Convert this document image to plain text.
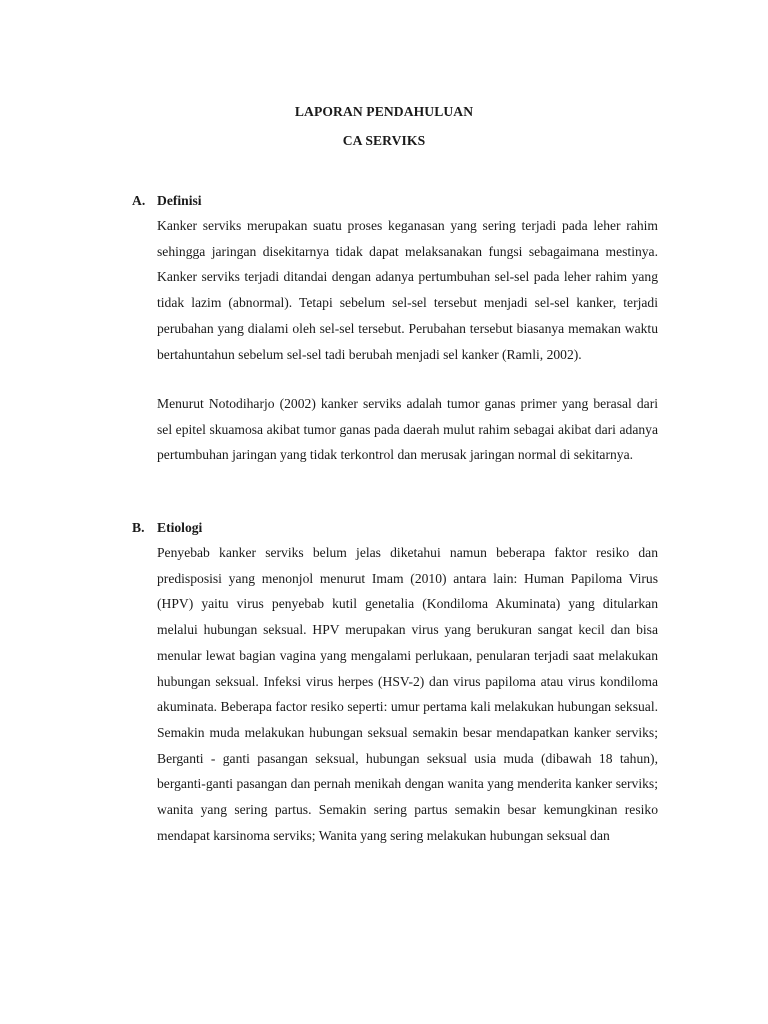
LAPORAN PENDAHULUAN
CA SERVIKS
A. Definisi

Kanker serviks merupakan suatu proses keganasan yang sering terjadi pada leher rahim sehingga jaringan disekitarnya tidak dapat melaksanakan fungsi sebagaimana mestinya. Kanker serviks terjadi ditandai dengan adanya pertumbuhan sel-sel pada leher rahim yang tidak lazim (abnormal). Tetapi sebelum sel-sel tersebut menjadi sel-sel kanker, terjadi perubahan yang dialami oleh sel-sel tersebut. Perubahan tersebut biasanya memakan waktu bertahuntahun sebelum sel-sel tadi berubah menjadi sel kanker (Ramli, 2002).

Menurut Notodiharjo (2002) kanker serviks adalah tumor ganas primer yang berasal dari sel epitel skuamosa akibat tumor ganas pada daerah mulut rahim sebagai akibat dari adanya pertumbuhan jaringan yang tidak terkontrol dan merusak jaringan normal di sekitarnya.

B. Etiologi

Penyebab kanker serviks belum jelas diketahui namun beberapa faktor resiko dan predisposisi yang menonjol menurut Imam (2010) antara lain: Human Papiloma Virus (HPV) yaitu virus penyebab kutil genetalia (Kondiloma Akuminata) yang ditularkan melalui hubungan seksual. HPV merupakan virus yang berukuran sangat kecil dan bisa menular lewat bagian vagina yang mengalami perlukaan, penularan terjadi saat melakukan hubungan seksual. Infeksi virus herpes (HSV-2) dan virus papiloma atau virus kondiloma akuminata. Beberapa factor resiko seperti: umur pertama kali melakukan hubungan seksual. Semakin muda melakukan hubungan seksual semakin besar mendapatkan kanker serviks; Berganti - ganti pasangan seksual, hubungan seksual usia muda (dibawah 18 tahun), berganti-ganti pasangan dan pernah menikah dengan wanita yang menderita kanker serviks; wanita yang sering partus. Semakin sering partus semakin besar kemungkinan resiko mendapat karsinoma serviks; Wanita yang sering melakukan hubungan seksual dan
